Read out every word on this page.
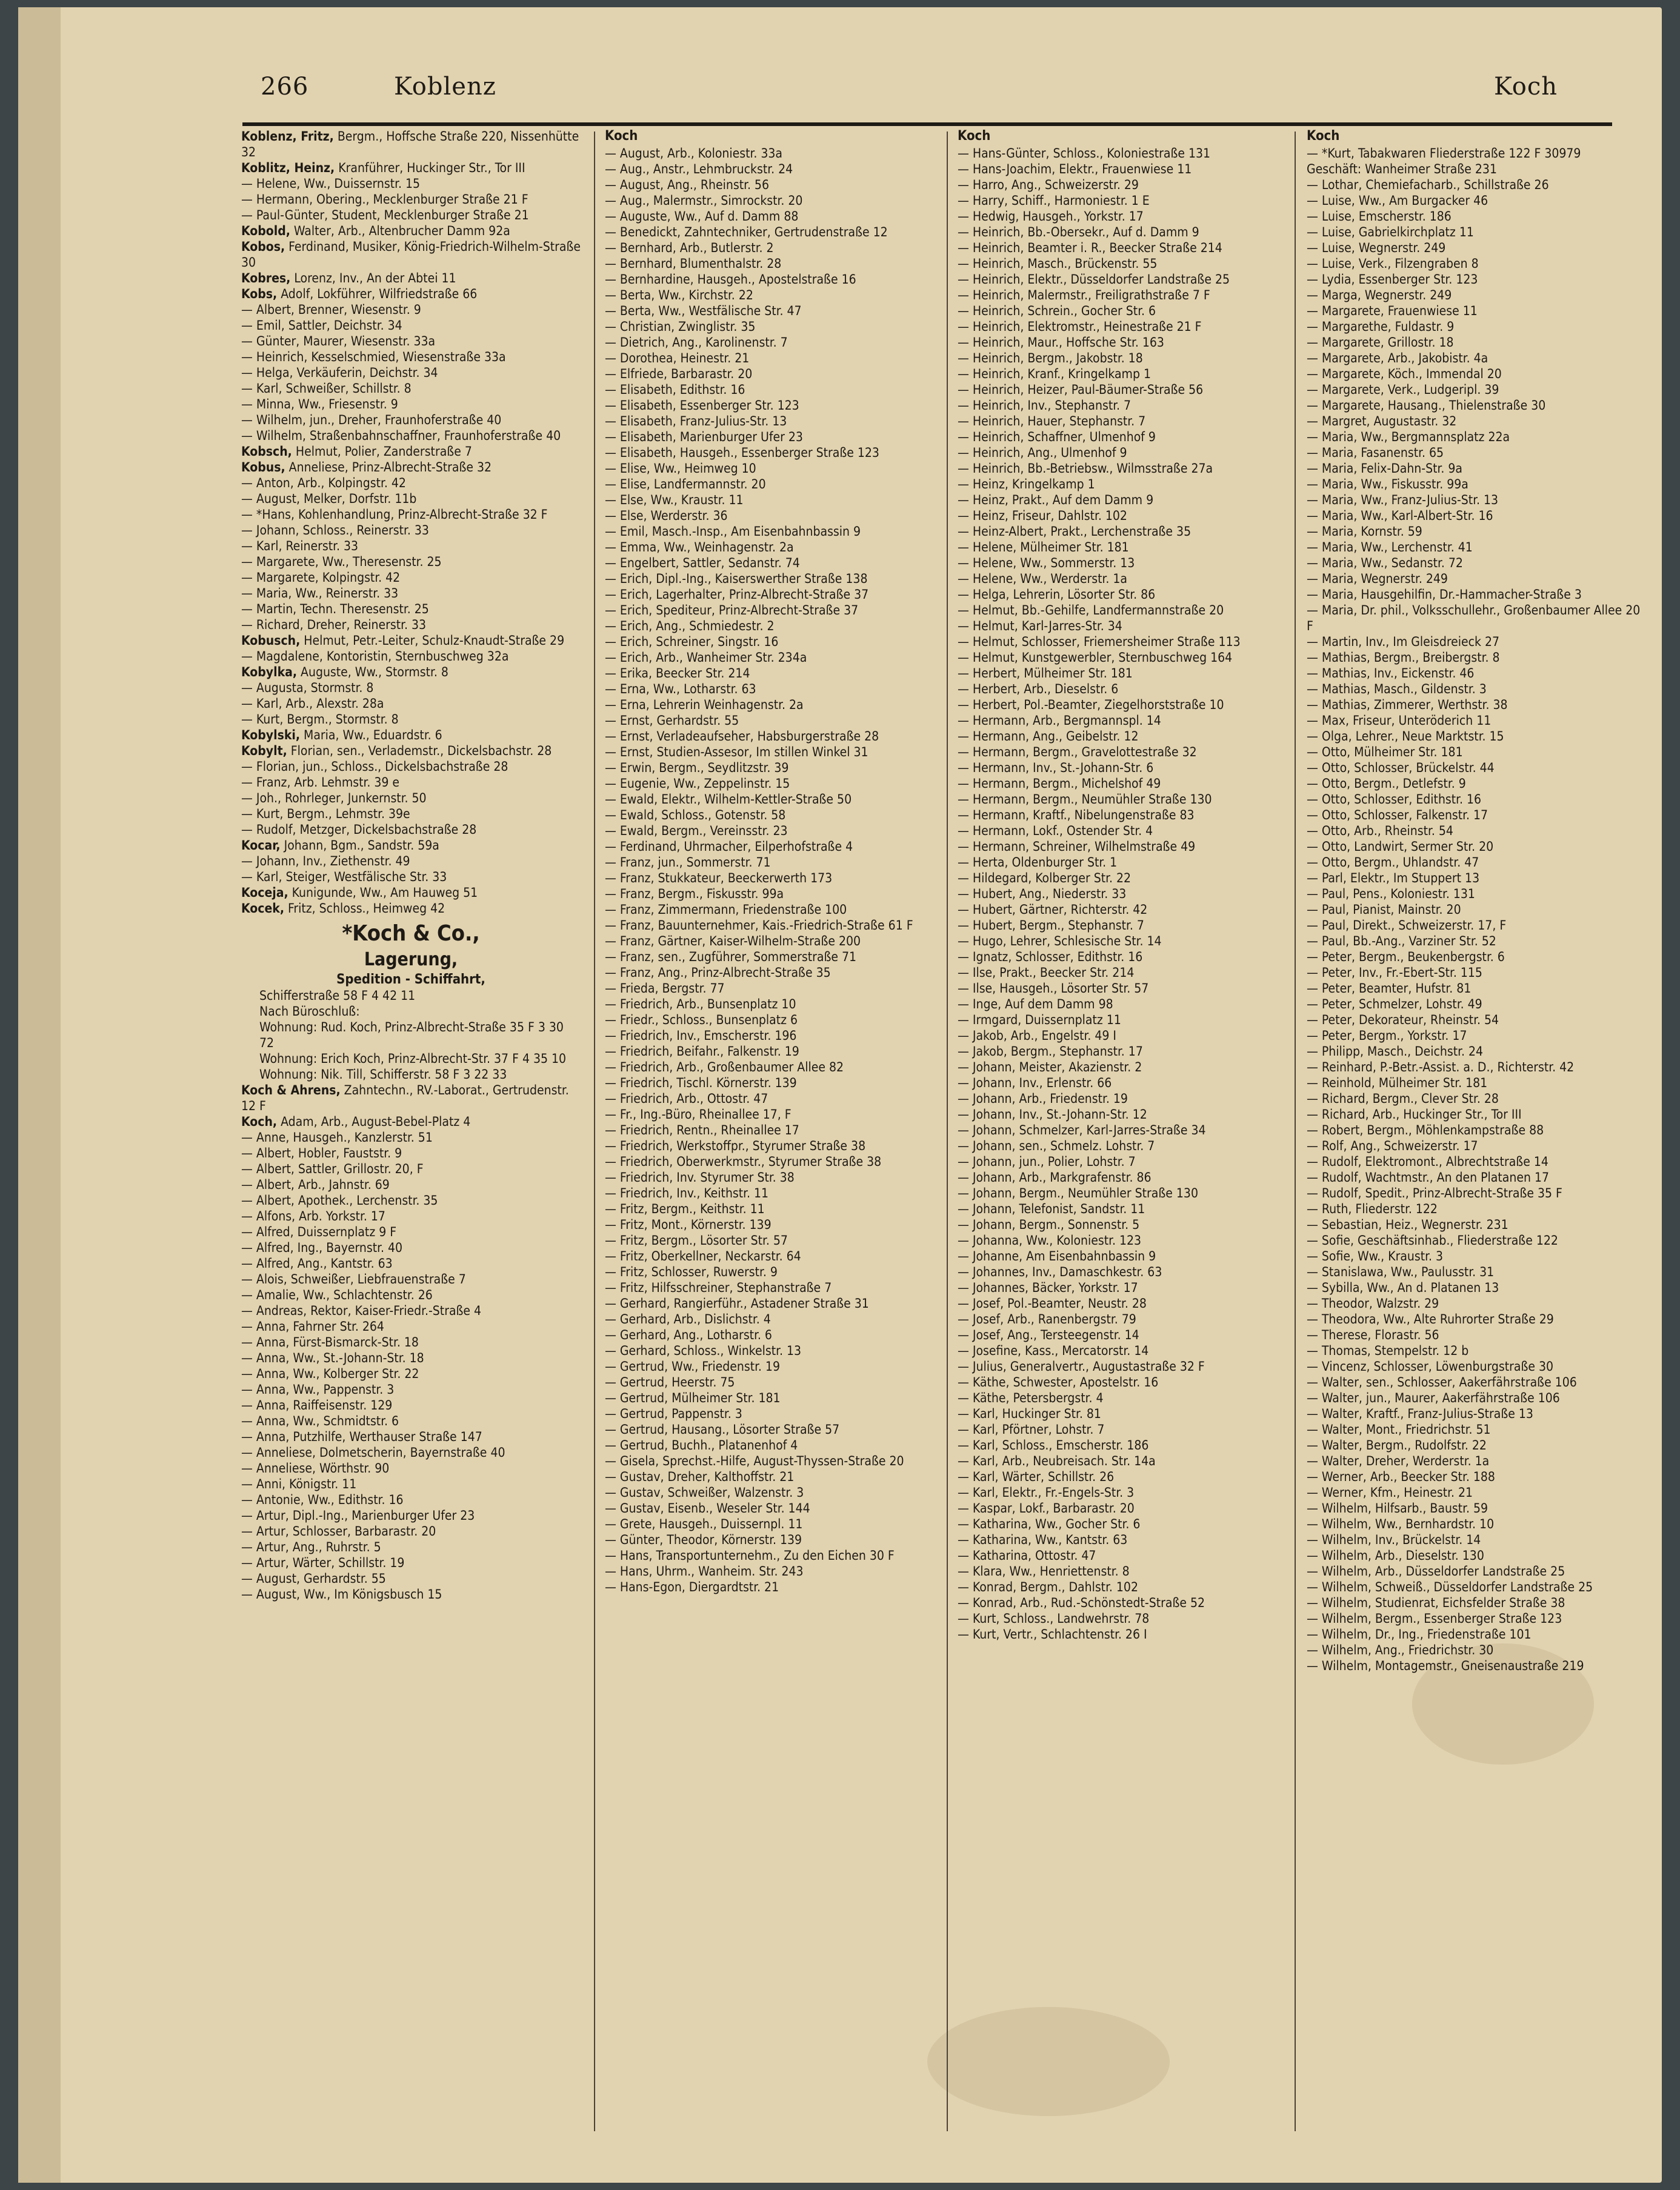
266	Koblenz	Koch

Koblenz, Fritz, Bergm., Hoffsche Straße 220, Nissenhütte 32

Koblitz, Heinz, Kranführer, Huckinger Str., Tor III

— Helene, Ww., Duissernstr. 15

— Hermann, Obering., Mecklenburger Straße 21 F

— Paul-Günter, Student, Mecklenburger Straße 21

Kobold, Walter, Arb., Altenbrucher Damm 92a

Kobos, Ferdinand, Musiker, König-Friedrich-Wilhelm-Straße 30

Kobres, Lorenz, Inv., An der Abtei 11

Kobs, Adolf, Lokführer, Wilfriedstraße 66

— Albert, Brenner, Wiesenstr. 9

— Emil, Sattler, Deichstr. 34

— Günter, Maurer, Wiesenstr. 33a

— Heinrich, Kesselschmied, Wiesenstraße 33a

— Helga, Verkäuferin, Deichstr. 34

— Karl, Schweißer, Schillstr. 8

— Minna, Ww., Friesenstr. 9

— Wilhelm, jun., Dreher, Fraunhoferstraße 40

— Wilhelm, Straßenbahnschaffner, Fraunhoferstraße 40

Kobsch, Helmut, Polier, Zanderstraße 7

Kobus, Anneliese, Prinz-Albrecht-Straße 32

— Anton, Arb., Kolpingstr. 42

— August, Melker, Dorfstr. 11b

— *Hans, Kohlenhandlung, Prinz-Albrecht-Straße 32 F

— Johann, Schloss., Reinerstr. 33

— Karl, Reinerstr. 33

— Margarete, Ww., Theresenstr. 25

— Margarete, Kolpingstr. 42

— Maria, Ww., Reinerstr. 33

— Martin, Techn. Theresenstr. 25

— Richard, Dreher, Reinerstr. 33

Kobusch, Helmut, Petr.-Leiter, Schulz-Knaudt-Straße 29

— Magdalene, Kontoristin, Sternbuschweg 32a

Kobylka, Auguste, Ww., Stormstr. 8

— Augusta, Stormstr. 8

— Karl, Arb., Alexstr. 28a

— Kurt, Bergm., Stormstr. 8

Kobylski, Maria, Ww., Eduardstr. 6

Kobylt, Florian, sen., Verlademstr., Dickelsbachstr. 28

— Florian, jun., Schloss., Dickelsbachstraße 28

— Franz, Arb. Lehmstr. 39 e

— Joh., Rohrleger, Junkernstr. 50

— Kurt, Bergm., Lehmstr. 39e

— Rudolf, Metzger, Dickelsbachstraße 28

Kocar, Johann, Bgm., Sandstr. 59a

— Johann, Inv., Ziethenstr. 49

— Karl, Steiger, Westfälische Str. 33

Koceja, Kunigunde, Ww., Am Hauweg 51

Kocek, Fritz, Schloss., Heimweg 42

*Koch & Co.,
Lagerung,
Spedition - Schiffahrt,
Schifferstraße 58 F 4 42 11
Nach Büroschluß:
Wohnung: Rud. Koch, Prinz-Albrecht-Straße 35 F 3 30 72
Wohnung: Erich Koch, Prinz-Albrecht-Str. 37 F 4 35 10
Wohnung: Nik. Till, Schifferstr. 58 F 3 22 33

Koch & Ahrens, Zahntechn., RV.-Laborat., Gertrudenstr. 12 F

Koch, Adam, Arb., August-Bebel-Platz 4

— Anne, Hausgeh., Kanzlerstr. 51

— Albert, Hobler, Fauststr. 9

— Albert, Sattler, Grillostr. 20, F

— Albert, Arb., Jahnstr. 69

— Albert, Apothek., Lerchenstr. 35

— Alfons, Arb. Yorkstr. 17

— Alfred, Duissernplatz 9 F

— Alfred, Ing., Bayernstr. 40

— Alfred, Ang., Kantstr. 63

— Alois, Schweißer, Liebfrauenstraße 7

— Amalie, Ww., Schlachtenstr. 26

— Andreas, Rektor, Kaiser-Friedr.-Straße 4

— Anna, Fahrner Str. 264

— Anna, Fürst-Bismarck-Str. 18

— Anna, Ww., St.-Johann-Str. 18

— Anna, Ww., Kolberger Str. 22

— Anna, Ww., Pappenstr. 3

— Anna, Raiffeisenstr. 129

— Anna, Ww., Schmidtstr. 6

— Anna, Putzhilfe, Werthauser Straße 147

— Anneliese, Dolmetscherin, Bayernstraße 40

— Anneliese, Wörthstr. 90

— Anni, Königstr. 11

— Antonie, Ww., Edithstr. 16

— Artur, Dipl.-Ing., Marienburger Ufer 23

— Artur, Schlosser, Barbarastr. 20

— Artur, Ang., Ruhrstr. 5

— Artur, Wärter, Schillstr. 19

— August, Gerhardstr. 55

— August, Ww., Im Königsbusch 15

Koch

— August, Arb., Koloniestr. 33a

— Aug., Anstr., Lehmbruckstr. 24

— August, Ang., Rheinstr. 56

— Aug., Malermstr., Simrockstr. 20

— Auguste, Ww., Auf d. Damm 88

— Benedickt, Zahntechniker, Gertrudenstraße 12

— Bernhard, Arb., Butlerstr. 2

— Bernhard, Blumenthalstr. 28

— Bernhardine, Hausgeh., Apostelstraße 16

— Berta, Ww., Kirchstr. 22

— Berta, Ww., Westfälische Str. 47

— Christian, Zwinglistr. 35

— Dietrich, Ang., Karolinenstr. 7

— Dorothea, Heinestr. 21

— Elfriede, Barbarastr. 20

— Elisabeth, Edithstr. 16

— Elisabeth, Essenberger Str. 123

— Elisabeth, Franz-Julius-Str. 13

— Elisabeth, Marienburger Ufer 23

— Elisabeth, Hausgeh., Essenberger Straße 123

— Elise, Ww., Heimweg 10

— Elise, Landfermannstr. 20

— Else, Ww., Kraustr. 11

— Else, Werderstr. 36

— Emil, Masch.-Insp., Am Eisenbahnbassin 9

— Emma, Ww., Weinhagenstr. 2a

— Engelbert, Sattler, Sedanstr. 74

— Erich, Dipl.-Ing., Kaiserswerther Straße 138

— Erich, Lagerhalter, Prinz-Albrecht-Straße 37

— Erich, Spediteur, Prinz-Albrecht-Straße 37

— Erich, Ang., Schmiedestr. 2

— Erich, Schreiner, Singstr. 16

— Erich, Arb., Wanheimer Str. 234a

— Erika, Beecker Str. 214

— Erna, Ww., Lotharstr. 63

— Erna, Lehrerin Weinhagenstr. 2a

— Ernst, Gerhardstr. 55

— Ernst, Verladeaufseher, Habsburgerstraße 28

— Ernst, Studien-Assesor, Im stillen Winkel 31

— Erwin, Bergm., Seydlitzstr. 39

— Eugenie, Ww., Zeppelinstr. 15

— Ewald, Elektr., Wilhelm-Kettler-Straße 50

— Ewald, Schloss., Gotenstr. 58

— Ewald, Bergm., Vereinsstr. 23

— Ferdinand, Uhrmacher, Eilperhofstraße 4

— Franz, jun., Sommerstr. 71

— Franz, Stukkateur, Beeckerwerth 173

— Franz, Bergm., Fiskusstr. 99a

— Franz, Zimmermann, Friedenstraße 100

— Franz, Bauunternehmer, Kais.-Friedrich-Straße 61 F

— Franz, Gärtner, Kaiser-Wilhelm-Straße 200

— Franz, sen., Zugführer, Sommerstraße 71

— Franz, Ang., Prinz-Albrecht-Straße 35

— Frieda, Bergstr. 77

— Friedrich, Arb., Bunsenplatz 10

— Friedr., Schloss., Bunsenplatz 6

— Friedrich, Inv., Emscherstr. 196

— Friedrich, Beifahr., Falkenstr. 19

— Friedrich, Arb., Großenbaumer Allee 82

— Friedrich, Tischl. Körnerstr. 139

— Friedrich, Arb., Ottostr. 47

— Fr., Ing.-Büro, Rheinallee 17, F

— Friedrich, Rentn., Rheinallee 17

— Friedrich, Werkstoffpr., Styrumer Straße 38

— Friedrich, Oberwerkmstr., Styrumer Straße 38

— Friedrich, Inv. Styrumer Str. 38

— Friedrich, Inv., Keithstr. 11

— Fritz, Bergm., Keithstr. 11

— Fritz, Mont., Körnerstr. 139

— Fritz, Bergm., Lösorter Str. 57

— Fritz, Oberkellner, Neckarstr. 64

— Fritz, Schlosser, Ruwerstr. 9

— Fritz, Hilfsschreiner, Stephanstraße 7

— Gerhard, Rangierführ., Astadener Straße 31

— Gerhard, Arb., Dislichstr. 4

— Gerhard, Ang., Lotharstr. 6

— Gerhard, Schloss., Winkelstr. 13

— Gertrud, Ww., Friedenstr. 19

— Gertrud, Heerstr. 75

— Gertrud, Mülheimer Str. 181

— Gertrud, Pappenstr. 3

— Gertrud, Hausang., Lösorter Straße 57

— Gertrud, Buchh., Platanenhof 4

— Gisela, Sprechst.-Hilfe, August-Thyssen-Straße 20

— Gustav, Dreher, Kalthoffstr. 21

— Gustav, Schweißer, Walzenstr. 3

— Gustav, Eisenb., Weseler Str. 144

— Grete, Hausgeh., Duissernpl. 11

— Günter, Theodor, Körnerstr. 139

— Hans, Transportunternehm., Zu den Eichen 30 F

— Hans, Uhrm., Wanheim. Str. 243

— Hans-Egon, Diergardtstr. 21

Koch

— Hans-Günter, Schloss., Koloniestraße 131

— Hans-Joachim, Elektr., Frauenwiese 11

— Harro, Ang., Schweizerstr. 29

— Harry, Schiff., Harmoniestr. 1 E

— Hedwig, Hausgeh., Yorkstr. 17

— Heinrich, Bb.-Obersekr., Auf d. Damm 9

— Heinrich, Beamter i. R., Beecker Straße 214

— Heinrich, Masch., Brückenstr. 55

— Heinrich, Elektr., Düsseldorfer Landstraße 25

— Heinrich, Malermstr., Freiligrathstraße 7 F

— Heinrich, Schrein., Gocher Str. 6

— Heinrich, Elektromstr., Heinestraße 21 F

— Heinrich, Maur., Hoffsche Str. 163

— Heinrich, Bergm., Jakobstr. 18

— Heinrich, Kranf., Kringelkamp 1

— Heinrich, Heizer, Paul-Bäumer-Straße 56

— Heinrich, Inv., Stephanstr. 7

— Heinrich, Hauer, Stephanstr. 7

— Heinrich, Schaffner, Ulmenhof 9

— Heinrich, Ang., Ulmenhof 9

— Heinrich, Bb.-Betriebsw., Wilmsstraße 27a

— Heinz, Kringelkamp 1

— Heinz, Prakt., Auf dem Damm 9

— Heinz, Friseur, Dahlstr. 102

— Heinz-Albert, Prakt., Lerchenstraße 35

— Helene, Mülheimer Str. 181

— Helene, Ww., Sommerstr. 13

— Helene, Ww., Werderstr. 1a

— Helga, Lehrerin, Lösorter Str. 86

— Helmut, Bb.-Gehilfe, Landfermannstraße 20

— Helmut, Karl-Jarres-Str. 34

— Helmut, Schlosser, Friemersheimer Straße 113

— Helmut, Kunstgewerbler, Sternbuschweg 164

— Herbert, Mülheimer Str. 181

— Herbert, Arb., Dieselstr. 6

— Herbert, Pol.-Beamter, Ziegelhorststraße 10

— Hermann, Arb., Bergmannspl. 14

— Hermann, Ang., Geibelstr. 12

— Hermann, Bergm., Gravelottestraße 32

— Hermann, Inv., St.-Johann-Str. 6

— Hermann, Bergm., Michelshof 49

— Hermann, Bergm., Neumühler Straße 130

— Hermann, Kraftf., Nibelungenstraße 83

— Hermann, Lokf., Ostender Str. 4

— Hermann, Schreiner, Wilhelmstraße 49

— Herta, Oldenburger Str. 1

— Hildegard, Kolberger Str. 22

— Hubert, Ang., Niederstr. 33

— Hubert, Gärtner, Richterstr. 42

— Hubert, Bergm., Stephanstr. 7

— Hugo, Lehrer, Schlesische Str. 14

— Ignatz, Schlosser, Edithstr. 16

— Ilse, Prakt., Beecker Str. 214

— Ilse, Hausgeh., Lösorter Str. 57

— Inge, Auf dem Damm 98

— Irmgard, Duissernplatz 11

— Jakob, Arb., Engelstr. 49 I

— Jakob, Bergm., Stephanstr. 17

— Johann, Meister, Akazienstr. 2

— Johann, Inv., Erlenstr. 66

— Johann, Arb., Friedenstr. 19

— Johann, Inv., St.-Johann-Str. 12

— Johann, Schmelzer, Karl-Jarres-Straße 34

— Johann, sen., Schmelz. Lohstr. 7

— Johann, jun., Polier, Lohstr. 7

— Johann, Arb., Markgrafenstr. 86

— Johann, Bergm., Neumühler Straße 130

— Johann, Telefonist, Sandstr. 11

— Johann, Bergm., Sonnenstr. 5

— Johanna, Ww., Koloniestr. 123

— Johanne, Am Eisenbahnbassin 9

— Johannes, Inv., Damaschkestr. 63

— Johannes, Bäcker, Yorkstr. 17

— Josef, Pol.-Beamter, Neustr. 28

— Josef, Arb., Ranenbergstr. 79

— Josef, Ang., Tersteegenstr. 14

— Josefine, Kass., Mercatorstr. 14

— Julius, Generalvertr., Augustastraße 32 F

— Käthe, Schwester, Apostelstr. 16

— Käthe, Petersbergstr. 4

— Karl, Huckinger Str. 81

— Karl, Pförtner, Lohstr. 7

— Karl, Schloss., Emscherstr. 186

— Karl, Arb., Neubreisach. Str. 14a

— Karl, Wärter, Schillstr. 26

— Karl, Elektr., Fr.-Engels-Str. 3

— Kaspar, Lokf., Barbarastr. 20

— Katharina, Ww., Gocher Str. 6

— Katharina, Ww., Kantstr. 63

— Katharina, Ottostr. 47

— Klara, Ww., Henriettenstr. 8

— Konrad, Bergm., Dahlstr. 102

— Konrad, Arb., Rud.-Schönstedt-Straße 52

— Kurt, Schloss., Landwehrstr. 78

— Kurt, Vertr., Schlachtenstr. 26 I

Koch

— *Kurt, Tabakwaren Fliederstraße 122 F 30979

Geschäft: Wanheimer Straße 231

— Lothar, Chemiefacharb., Schillstraße 26

— Luise, Ww., Am Burgacker 46

— Luise, Emscherstr. 186

— Luise, Gabrielkirchplatz 11

— Luise, Wegnerstr. 249

— Luise, Verk., Filzengraben 8

— Lydia, Essenberger Str. 123

— Marga, Wegnerstr. 249

— Margarete, Frauenwiese 11

— Margarethe, Fuldastr. 9

— Margarete, Grillostr. 18

— Margarete, Arb., Jakobistr. 4a

— Margarete, Köch., Immendal 20

— Margarete, Verk., Ludgeripl. 39

— Margarete, Hausang., Thielenstraße 30

— Margret, Augustastr. 32

— Maria, Ww., Bergmannsplatz 22a

— Maria, Fasanenstr. 65

— Maria, Felix-Dahn-Str. 9a

— Maria, Ww., Fiskusstr. 99a

— Maria, Ww., Franz-Julius-Str. 13

— Maria, Ww., Karl-Albert-Str. 16

— Maria, Kornstr. 59

— Maria, Ww., Lerchenstr. 41

— Maria, Ww., Sedanstr. 72

— Maria, Wegnerstr. 249

— Maria, Hausgehilfin, Dr.-Hammacher-Straße 3

— Maria, Dr. phil., Volksschullehr., Großenbaumer Allee 20 F

— Martin, Inv., Im Gleisdreieck 27

— Mathias, Bergm., Breibergstr. 8

— Mathias, Inv., Eickenstr. 46

— Mathias, Masch., Gildenstr. 3

— Mathias, Zimmerer, Werthstr. 38

— Max, Friseur, Unteröderich 11

— Olga, Lehrer., Neue Marktstr. 15

— Otto, Mülheimer Str. 181

— Otto, Schlosser, Brückelstr. 44

— Otto, Bergm., Detlefstr. 9

— Otto, Schlosser, Edithstr. 16

— Otto, Schlosser, Falkenstr. 17

— Otto, Arb., Rheinstr. 54

— Otto, Landwirt, Sermer Str. 20

— Otto, Bergm., Uhlandstr. 47

— Parl, Elektr., Im Stuppert 13

— Paul, Pens., Koloniestr. 131

— Paul, Pianist, Mainstr. 20

— Paul, Direkt., Schweizerstr. 17, F

— Paul, Bb.-Ang., Varziner Str. 52

— Peter, Bergm., Beukenbergstr. 6

— Peter, Inv., Fr.-Ebert-Str. 115

— Peter, Beamter, Hufstr. 81

— Peter, Schmelzer, Lohstr. 49

— Peter, Dekorateur, Rheinstr. 54

— Peter, Bergm., Yorkstr. 17

— Philipp, Masch., Deichstr. 24

— Reinhard, P.-Betr.-Assist. a. D., Richterstr. 42

— Reinhold, Mülheimer Str. 181

— Richard, Bergm., Clever Str. 28

— Richard, Arb., Huckinger Str., Tor III

— Robert, Bergm., Möhlenkampstraße 88

— Rolf, Ang., Schweizerstr. 17

— Rudolf, Elektromont., Albrechtstraße 14

— Rudolf, Wachtmstr., An den Platanen 17

— Rudolf, Spedit., Prinz-Albrecht-Straße 35 F

— Ruth, Fliederstr. 122

— Sebastian, Heiz., Wegnerstr. 231

— Sofie, Geschäftsinhab., Fliederstraße 122

— Sofie, Ww., Kraustr. 3

— Stanislawa, Ww., Paulusstr. 31

— Sybilla, Ww., An d. Platanen 13

— Theodor, Walzstr. 29

— Theodora, Ww., Alte Ruhrorter Straße 29

— Therese, Florastr. 56

— Thomas, Stempelstr. 12 b

— Vincenz, Schlosser, Löwenburgstraße 30

— Walter, sen., Schlosser, Aakerfährstraße 106

— Walter, jun., Maurer, Aakerfährstraße 106

— Walter, Kraftf., Franz-Julius-Straße 13

— Walter, Mont., Friedrichstr. 51

— Walter, Bergm., Rudolfstr. 22

— Walter, Dreher, Werderstr. 1a

— Werner, Arb., Beecker Str. 188

— Werner, Kfm., Heinestr. 21

— Wilhelm, Hilfsarb., Baustr. 59

— Wilhelm, Ww., Bernhardstr. 10

— Wilhelm, Inv., Brückelstr. 14

— Wilhelm, Arb., Dieselstr. 130

— Wilhelm, Arb., Düsseldorfer Landstraße 25

— Wilhelm, Schweiß., Düsseldorfer Landstraße 25

— Wilhelm, Studienrat, Eichsfelder Straße 38

— Wilhelm, Bergm., Essenberger Straße 123

— Wilhelm, Dr., Ing., Friedenstraße 101

— Wilhelm, Ang., Friedrichstr. 30

— Wilhelm, Montagemstr., Gneisenaustraße 219
